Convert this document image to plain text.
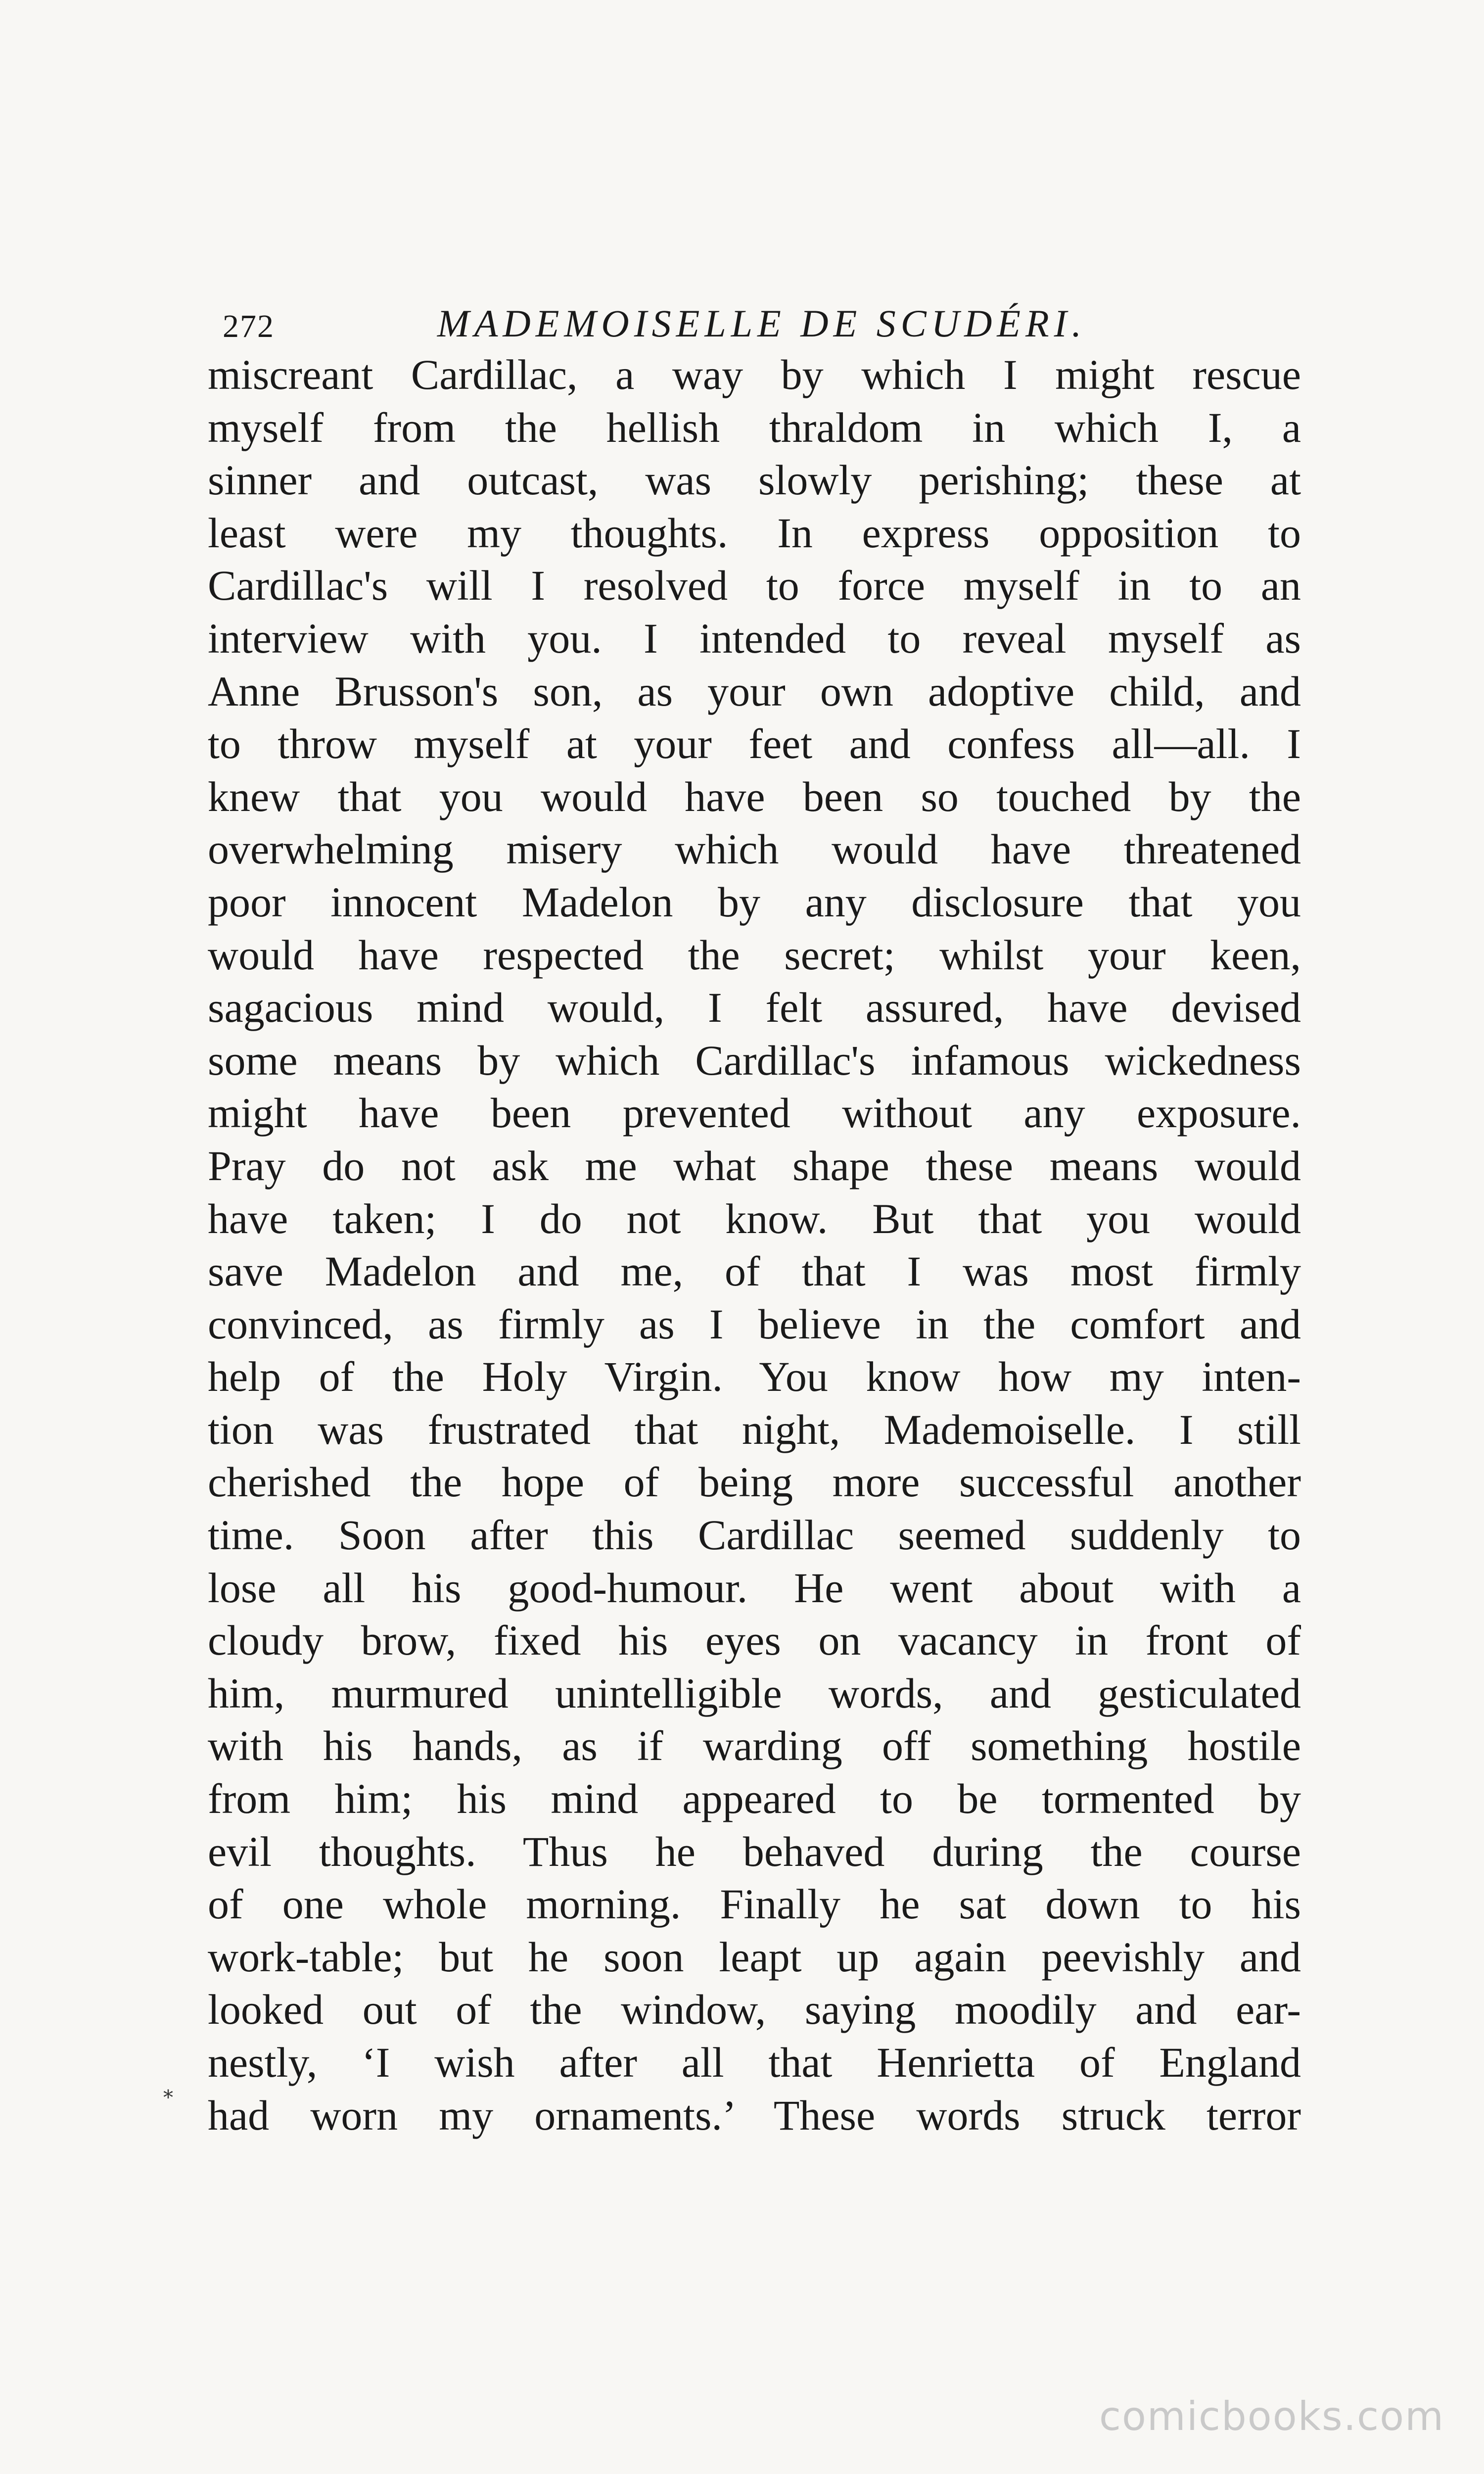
272	MADEMOISELLE DE SCUDÉRI.
miscreant Cardillac, a way by which I might rescue
myself from the hellish thraldom in which I, a
sinner and outcast, was slowly perishing; these at
least were my thoughts. In express opposition to
Cardillac's will I resolved to force myself in to an
interview with you. I intended to reveal myself as
Anne Brusson's son, as your own adoptive child, and
to throw myself at your feet and confess all—all. I
knew that you would have been so touched by the
overwhelming misery which would have threatened
poor innocent Madelon by any disclosure that you
would have respected the secret; whilst your keen,
sagacious mind would, I felt assured, have devised
some means by which Cardillac's infamous wickedness
might have been prevented without any exposure.
Pray do not ask me what shape these means would
have taken; I do not know. But that you would
save Madelon and me, of that I was most firmly
convinced, as firmly as I believe in the comfort and
help of the Holy Virgin. You know how my inten-
tion was frustrated that night, Mademoiselle. I still
cherished the hope of being more successful another
time. Soon after this Cardillac seemed suddenly to
lose all his good-humour. He went about with a
cloudy brow, fixed his eyes on vacancy in front of
him, murmured unintelligible words, and gesticulated
with his hands, as if warding off something hostile
from him; his mind appeared to be tormented by
evil thoughts. Thus he behaved during the course
of one whole morning. Finally he sat down to his
work-table; but he soon leapt up again peevishly and
looked out of the window, saying moodily and ear-
nestly, ‘I wish after all that Henrietta of England
had worn my ornaments.’ These words struck terror
⁎
comicbooks.com
